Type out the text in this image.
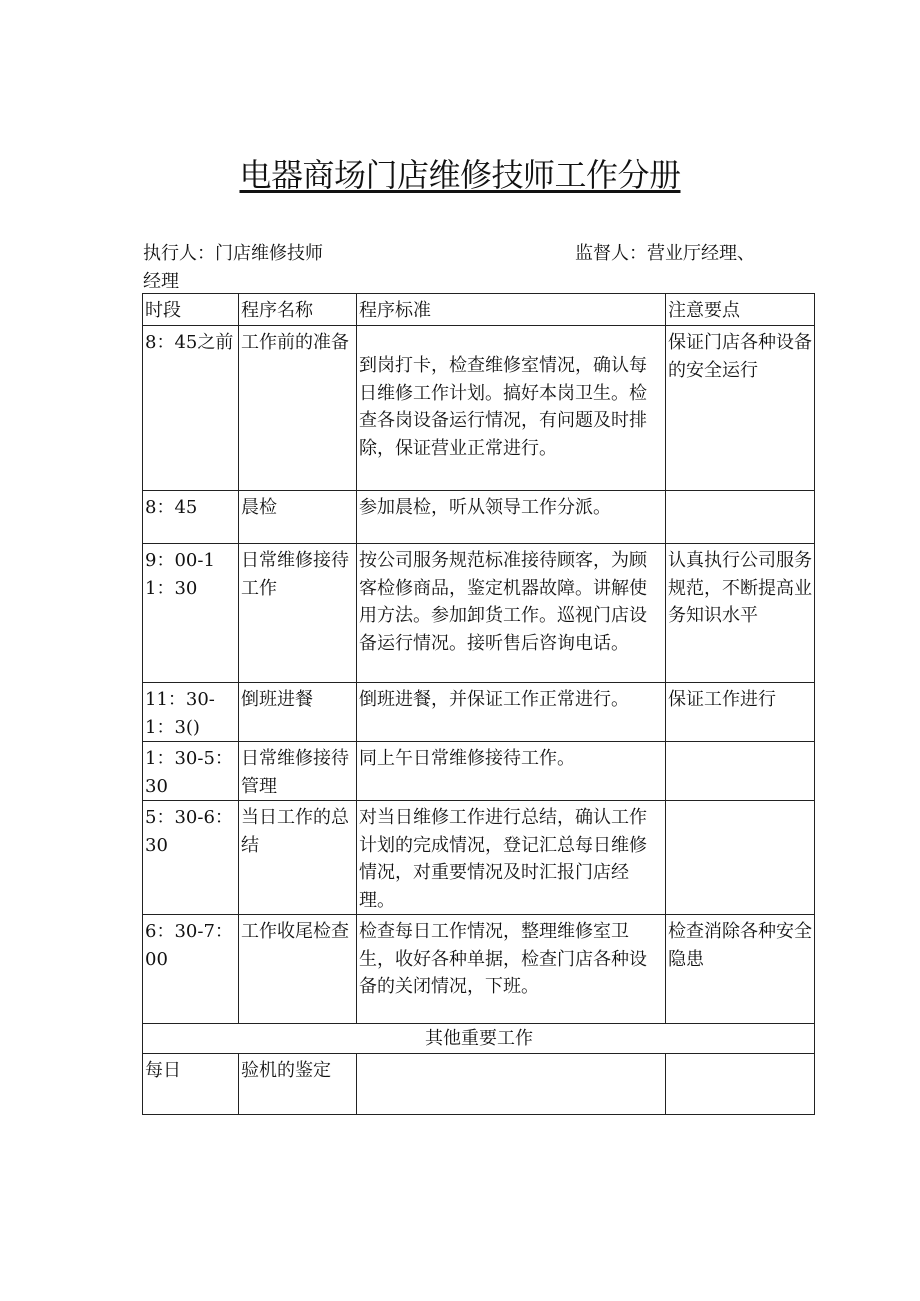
电器商场门店维修技师工作分册
执行人：门店维修技师	监督人：营业厅经理、
经理
时段	程序名称	程序标准	注意要点
8：45之前	工作前的准备	到岗打卡，检查维修室情况，确认每日维修工作计划。搞好本岗卫生。检查各岗设备运行情况，有问题及时排除，保证营业正常进行。	保证门店各种设备的安全运行
8：45	晨检	参加晨检，听从领导工作分派。	
9：00-11：30	日常维修接待工作	按公司服务规范标准接待顾客，为顾客检修商品，鉴定机器故障。讲解使用方法。参加卸货工作。巡视门店设备运行情况。接听售后咨询电话。	认真执行公司服务规范，不断提高业务知识水平
11：30-1：3()	倒班进餐	倒班进餐，并保证工作正常进行。	保证工作进行
1：30-5：30	日常维修接待管理	同上午日常维修接待工作。	
5：30-6：30	当日工作的总结	对当日维修工作进行总结，确认工作计划的完成情况，登记汇总每日维修情况，对重要情况及时汇报门店经理。	
6：30-7：00	工作收尾检查	检查每日工作情况，整理维修室卫生，收好各种单据，检查门店各种设备的关闭情况，下班。	检查消除各种安全隐患
其他重要工作			
每日	验机的鉴定		
